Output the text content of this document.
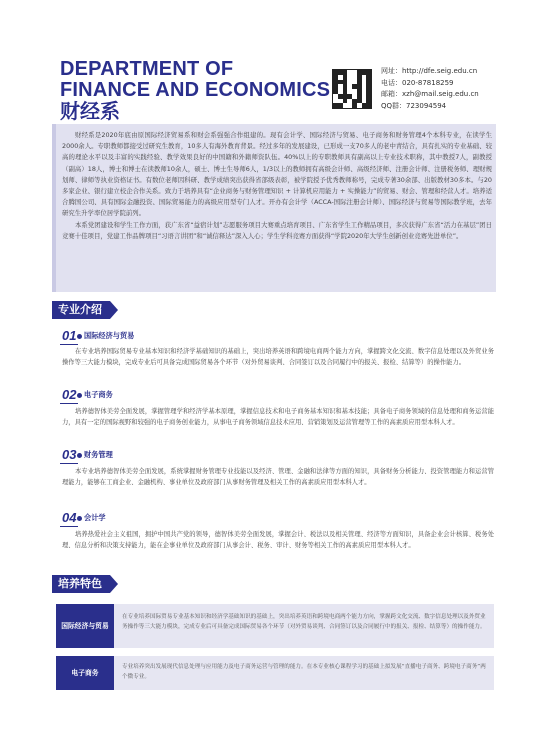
DEPARTMENT OF
FINANCE AND ECONOMICS
财经系
网址：http://dfe.seig.edu.cn
电话：020-87818259
邮箱：xzh@mail.seig.edu.cn
QQ群：723094594

财经系是2020年底由原国际经济贸易系和财会系强强合作组建的。现有会计学、国际经济与贸易、电子商务和财务管理4个本科专业，在读学生2000余人。专职教师都接受过研究生教育，10多人有海外教育背景。经过多年的发展建设，已形成一支70多人的老中青结合，具有扎实的专业基础、较高的理论水平以及丰富的实践经验、教学效果良好的中国籍和外籍师资队伍。40%以上的专职教师具有副高以上专业技术职称，其中教授7人，副教授（副高）18人，博士和博士在读教师10余人，硕士、博士生导师6人，1/3以上的教师拥有高级会计师、高级经济师、注册会计师、注册税务师、理财规划师、律师等执业资格证书。有数位老师因科研、教学成绩突出获得省部级表彰，被学院授予优秀教师称号，完成专著30余部、出版教材30多本。与20多家企业、银行建立校企合作关系。致力于培养具有“企业商务与财务管理知识 + 计算机应用能力 + 实操能力”的贸易、财会、管理和经营人才。培养适合腾国公司、具有国际金融投资、国际贸易能力的高级应用型专门人才。开办有会计学（ACCA-国际注册会计师）、国际经济与贸易等国际教学班，去年研究生升学率位居学院前列。

本系党团建设和学生工作方面，获广东省“益宿计划”志愿服务项目大赛重点培育项目、广东省学生工作精品项目，多次获得广东省“活力在基层”团日竞赛十佳项目，党建工作品牌项目“习语言讲团”和“诚信释达”深入人心；学生学科竞赛方面获得“学院2020年大学生创新创业竞赛先进单位”。

专业介绍
01 国际经济与贸易

在专业培养国际贸易专业基本知识和经济学基础知识的基础上，突出培养英语和跨境电商两个能力方向，掌握跨文化交流、数字信息处理以及外贸业务操作等三大能力模块，完成专业后可具备完成国际贸易各个环节（对外贸易谈判、合同签订以及合同履行中的报关、报检、结算等）的操作能力。

02 电子商务

培养德智体美劳全面发展，掌握管理学和经济学基本原理，掌握信息技术和电子商务基本知识和基本技能；具备电子商务领域的信息处理和商务运营能力，具有一定的国际视野和较强的电子商务创业能力，从事电子商务领域信息技术应用、营销策划及运营管理等工作的高素质应用型本科人才。

03 财务管理

本专业培养德智体美劳全面发展，系统掌握财务管理专业技能以及经济、管理、金融和法律等方面的知识，具备财务分析能力、投资管理能力和运营管理能力，能够在工商企业、金融机构、事业单位及政府部门从事财务管理及相关工作的高素质应用型本科人才。

04 会计学

培养热爱社会主义祖国，拥护中国共产党的领导，德智体美劳全面发展，掌握会计、税法以及相关管理、经济等方面知识，具备企业会计核算、税务处理、信息分析和决策支持能力，能在企事业单位及政府部门从事会计、税务、审计、财务等相关工作的高素质应用型本科人才。

培养特色
国际经济与贸易
在专业培养国际贸易专业基本知识和经济学基础知识的基础上，突出培养英语和跨境电商两个能力方向，掌握跨文化交流、数字信息处理以及外贸业务操作等三大能力模块，完成专业后可具备完成国际贸易各个环节（对外贸易谈判、合同签订以及合同履行中的报关、报检、结算等）的操作能力。
电子商务
专业培养突出发展现代信息处理与应用能力及电子商务运营与管理的能力。在本专业核心课程学习的基础上拟发展“直播电子商务、跨境电子商务”两个微专业。
